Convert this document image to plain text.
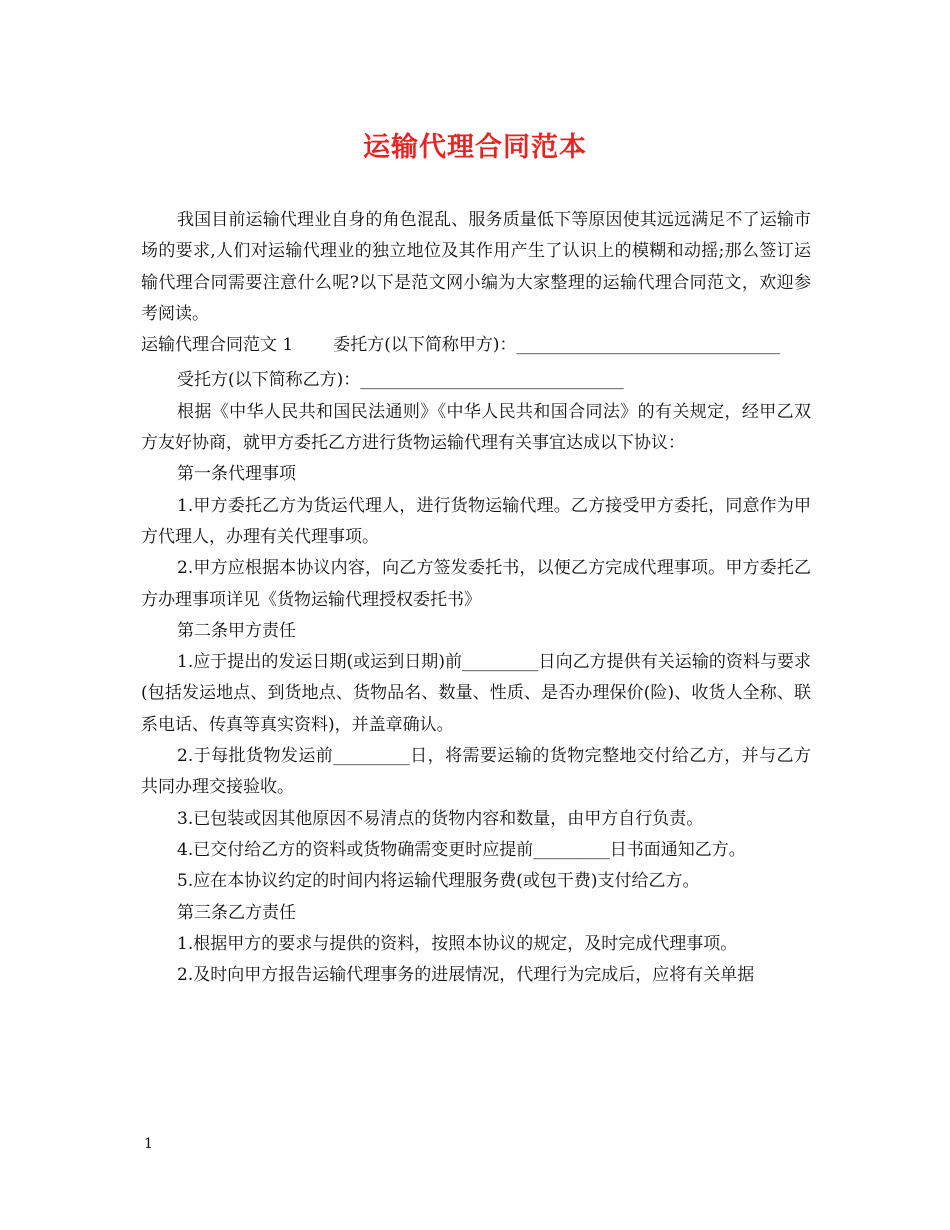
运输代理合同范本

我国目前运输代理业自身的角色混乱、服务质量低下等原因使其远远满足不了运输市场的要求,人们对运输代理业的独立地位及其作用产生了认识上的模糊和动摇;那么签订运输代理合同需要注意什么呢?以下是范文网小编为大家整理的运输代理合同范文，欢迎参考阅读。

运输代理合同范文 1 委托方(以下简称甲方)：_______________________________

受托方(以下简称乙方)：_______________________________

根据《中华人民共和国民法通则》《中华人民共和国合同法》的有关规定，经甲乙双方友好协商，就甲方委托乙方进行货物运输代理有关事宜达成以下协议：

第一条代理事项

1.甲方委托乙方为货运代理人，进行货物运输代理。乙方接受甲方委托，同意作为甲方代理人，办理有关代理事项。

2.甲方应根据本协议内容，向乙方签发委托书，以便乙方完成代理事项。甲方委托乙方办理事项详见《货物运输代理授权委托书》

第二条甲方责任

1.应于提出的发运日期(或运到日期)前_________日向乙方提供有关运输的资料与要求(包括发运地点、到货地点、货物品名、数量、性质、是否办理保价(险)、收货人全称、联系电话、传真等真实资料)，并盖章确认。

2.于每批货物发运前_________日，将需要运输的货物完整地交付给乙方，并与乙方共同办理交接验收。

3.已包装或因其他原因不易清点的货物内容和数量，由甲方自行负责。

4.已交付给乙方的资料或货物确需变更时应提前_________日书面通知乙方。

5.应在本协议约定的时间内将运输代理服务费(或包干费)支付给乙方。

第三条乙方责任

1.根据甲方的要求与提供的资料，按照本协议的规定，及时完成代理事项。

2.及时向甲方报告运输代理事务的进展情况，代理行为完成后，应将有关单据

1
